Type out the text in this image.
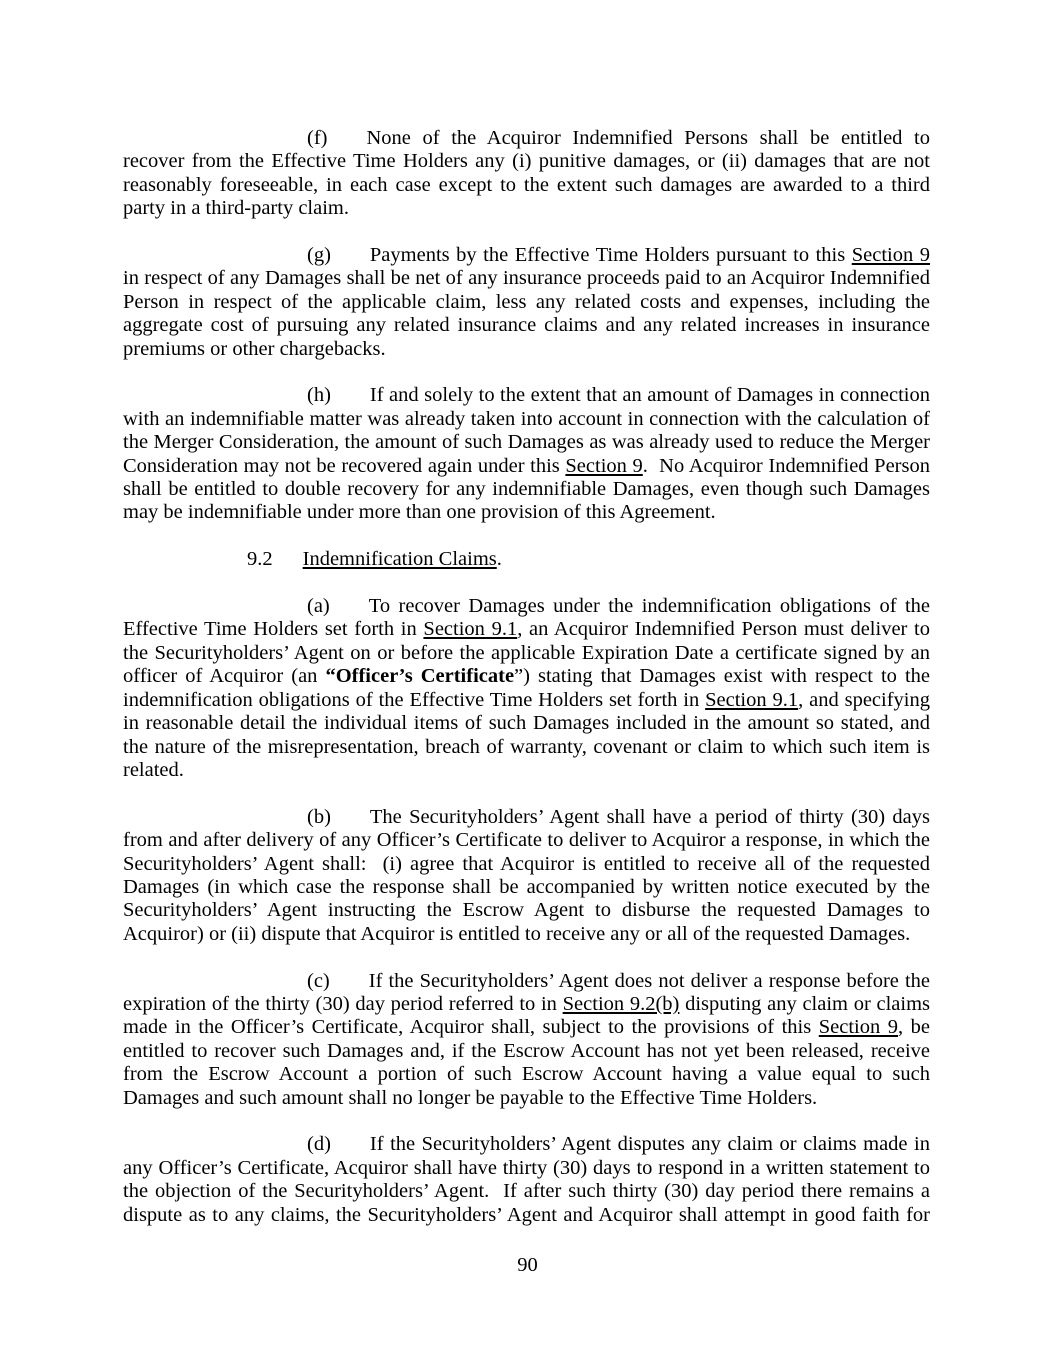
(f) None of the Acquiror Indemnified Persons shall be entitled to recover from the Effective Time Holders any (i) punitive damages, or (ii) damages that are not reasonably foreseeable, in each case except to the extent such damages are awarded to a third party in a third-party claim.

(g) Payments by the Effective Time Holders pursuant to this Section 9 in respect of any Damages shall be net of any insurance proceeds paid to an Acquiror Indemnified Person in respect of the applicable claim, less any related costs and expenses, including the aggregate cost of pursuing any related insurance claims and any related increases in insurance premiums or other chargebacks.

(h) If and solely to the extent that an amount of Damages in connection with an indemnifiable matter was already taken into account in connection with the calculation of the Merger Consideration, the amount of such Damages as was already used to reduce the Merger Consideration may not be recovered again under this Section 9.  No Acquiror Indemnified Person shall be entitled to double recovery for any indemnifiable Damages, even though such Damages may be indemnifiable under more than one provision of this Agreement.

9.2 Indemnification Claims.

(a) To recover Damages under the indemnification obligations of the Effective Time Holders set forth in Section 9.1, an Acquiror Indemnified Person must deliver to the Securityholders’ Agent on or before the applicable Expiration Date a certificate signed by an officer of Acquiror (an “Officer’s Certificate”) stating that Damages exist with respect to the indemnification obligations of the Effective Time Holders set forth in Section 9.1, and specifying in reasonable detail the individual items of such Damages included in the amount so stated, and the nature of the misrepresentation, breach of warranty, covenant or claim to which such item is related.

(b) The Securityholders’ Agent shall have a period of thirty (30) days from and after delivery of any Officer’s Certificate to deliver to Acquiror a response, in which the Securityholders’ Agent shall:  (i) agree that Acquiror is entitled to receive all of the requested Damages (in which case the response shall be accompanied by written notice executed by the Securityholders’ Agent instructing the Escrow Agent to disburse the requested Damages to Acquiror) or (ii) dispute that Acquiror is entitled to receive any or all of the requested Damages.

(c) If the Securityholders’ Agent does not deliver a response before the expiration of the thirty (30) day period referred to in Section 9.2(b) disputing any claim or claims made in the Officer’s Certificate, Acquiror shall, subject to the provisions of this Section 9, be entitled to recover such Damages and, if the Escrow Account has not yet been released, receive from the Escrow Account a portion of such Escrow Account having a value equal to such Damages and such amount shall no longer be payable to the Effective Time Holders.

(d) If the Securityholders’ Agent disputes any claim or claims made in any Officer’s Certificate, Acquiror shall have thirty (30) days to respond in a written statement to the objection of the Securityholders’ Agent.  If after such thirty (30) day period there remains a dispute as to any claims, the Securityholders’ Agent and Acquiror shall attempt in good faith for

90
